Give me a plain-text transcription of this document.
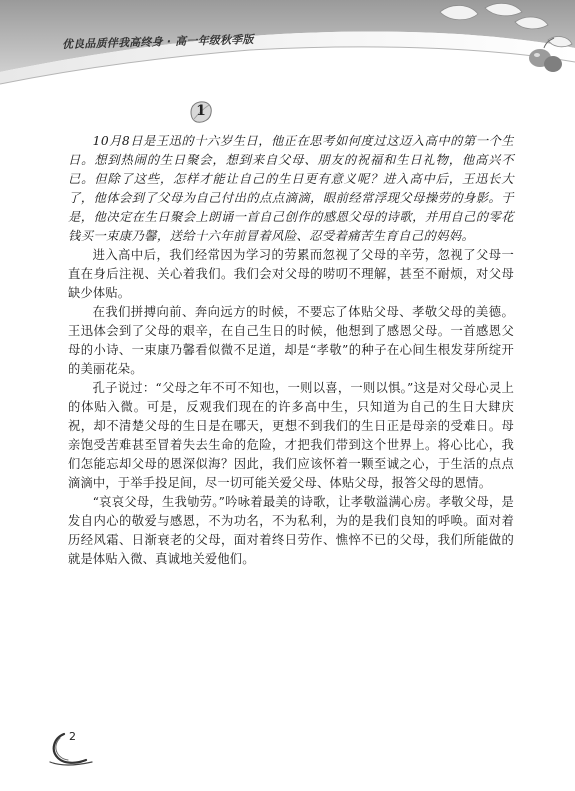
优良品质伴我高终身 · 高一年级秋季版
1

10月8日是王迅的十六岁生日，他正在思考如何度过这迈入高中的第一个生日。想到热闹的生日聚会，想到来自父母、朋友的祝福和生日礼物，他高兴不已。但除了这些，怎样才能让自己的生日更有意义呢？进入高中后，王迅长大了，他体会到了父母为自己付出的点点滴滴，眼前经常浮现父母操劳的身影。于是，他决定在生日聚会上朗诵一首自己创作的感恩父母的诗歌，并用自己的零花钱买一束康乃馨，送给十六年前冒着风险、忍受着痛苦生育自己的妈妈。

进入高中后，我们经常因为学习的劳累而忽视了父母的辛劳，忽视了父母一直在身后注视、关心着我们。我们会对父母的唠叨不理解，甚至不耐烦，对父母缺少体贴。

在我们拼搏向前、奔向远方的时候，不要忘了体贴父母、孝敬父母的美德。王迅体会到了父母的艰辛，在自己生日的时候，他想到了感恩父母。一首感恩父母的小诗、一束康乃馨看似微不足道，却是“孝敬”的种子在心间生根发芽所绽开的美丽花朵。

孔子说过：“父母之年不可不知也，一则以喜，一则以惧。”这是对父母心灵上的体贴入微。可是，反观我们现在的许多高中生，只知道为自己的生日大肆庆祝，却不清楚父母的生日是在哪天，更想不到我们的生日正是母亲的受难日。母亲饱受苦难甚至冒着失去生命的危险，才把我们带到这个世界上。将心比心，我们怎能忘却父母的恩深似海？因此，我们应该怀着一颗至诚之心，于生活的点点滴滴中，于举手投足间，尽一切可能关爱父母、体贴父母，报答父母的恩情。

“哀哀父母，生我劬劳。”吟咏着最美的诗歌，让孝敬溢满心房。孝敬父母，是发自内心的敬爱与感恩，不为功名，不为私利，为的是我们良知的呼唤。面对着历经风霜、日渐衰老的父母，面对着终日劳作、憔悴不已的父母，我们所能做的就是体贴入微、真诚地关爱他们。

2
